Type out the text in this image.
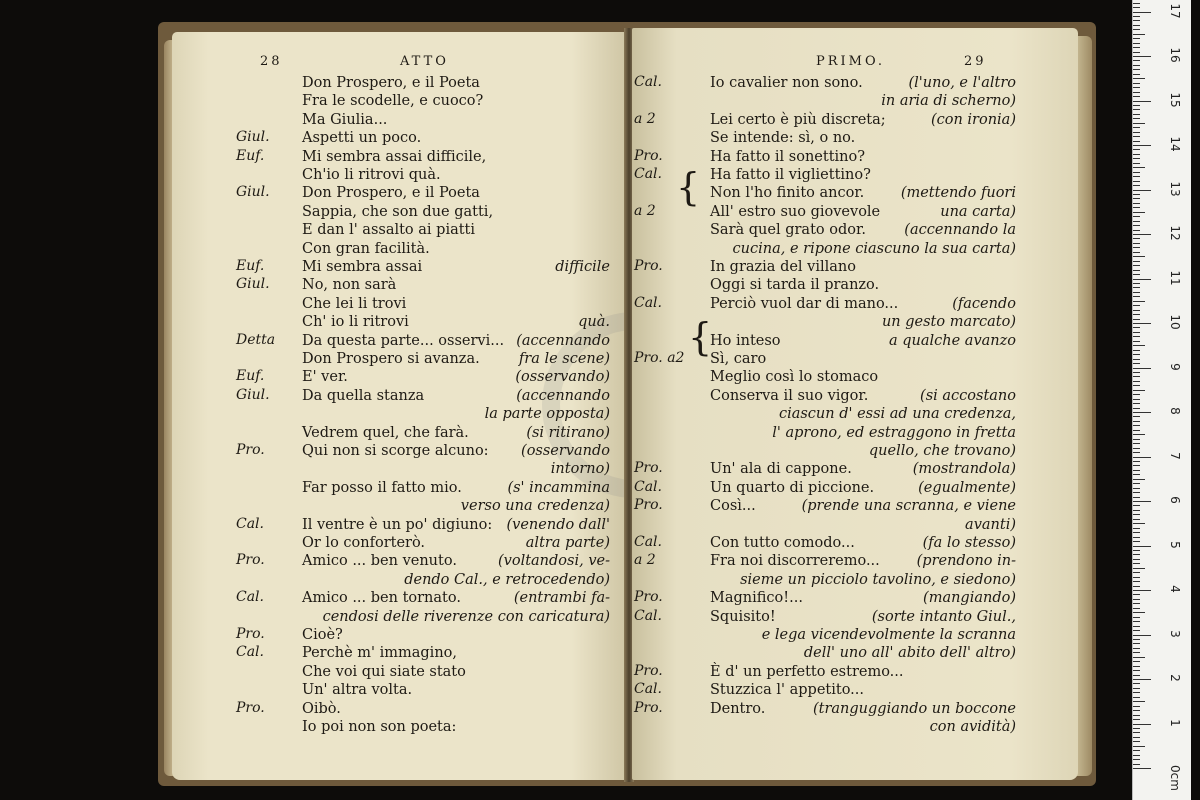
28	ATTO
Don Prospero, e il Poeta
Fra le scodelle, e cuoco?
Ma Giulia...
Giul. Aspetti un poco.
Euf.	Mi sembra assai difficile,
Ch'io li ritrovi quà.
Giul. Don Prospero, e il Poeta
Sappia, che son due gatti,
E dan l' assalto ai piatti
Con gran facilità.
Euf.	Mi sembra assai	difficile
Giul. No, non sarà
Che lei li trovi
Ch' io li ritrovi	quà.
Detta Da questa parte... osservi... (accennando
Don Prospero si avanza.	fra le scene)
Euf.	E' ver.	(osservando)
Giul. Da quella stanza	(accennando
la parte opposta)
Vedrem quel, che farà.	(si ritirano)
Pro.	Qui non si scorge alcuno: (osservando
intorno)
Far posso il fatto mio.	(s' incammina
verso una credenza)
Cal.	Il ventre è un po' digiuno: (venendo dall'
Or lo conforterò.	altra parte)
Pro.	Amico ... ben venuto.	(voltandosi, ve-
dendo Cal., e retrocedendo)
Cal.	Amico ... ben tornato.	(entrambi fa-
cendosi delle riverenze con caricatura)
Pro.	Cioè?
Cal.	Perchè m' immagino,
Che voi qui siate stato
Un' altra volta.
Pro.	Oibò.
Io poi non son poeta:
PRIMO.	29
{
{
Cal.	Io cavalier non sono.	(l'uno, e l'altro
in aria di scherno)
a 2	Lei certo è più discreta;	(con ironia)
Se intende: sì, o no.
Pro.	Ha fatto il sonettino?
Cal.	Ha fatto il vigliettino?
Non l'ho finito ancor.	(mettendo fuori
a 2	All' estro suo giovevole	una carta)
Sarà quel grato odor.	(accennando la
cucina, e ripone ciascuno la sua carta)
Pro.	In grazia del villano
Oggi si tarda il pranzo.
Cal.	Perciò vuol dar di mano...	(facendo
un gesto marcato)
Ho inteso	a qualche avanzo
Pro. a2 Sì, caro
Meglio così lo stomaco
Conserva il suo vigor.	(si accostano
ciascun d' essi ad una credenza,
l' aprono, ed estraggono in fretta
quello, che trovano)
Pro.	Un' ala di cappone.	(mostrandola)
Cal.	Un quarto di piccione.	(egualmente)
Pro.	Così...	(prende una scranna, e viene
avanti)
Cal.	Con tutto comodo...	(fa lo stesso)
a 2	Fra noi discorreremo...	(prendono in-
sieme un picciolo tavolino, e siedono)
Pro.	Magnifico!...	(mangiando)
Cal.	Squisito!	(sorte intanto Giul.,
e lega vicendevolmente la scranna
dell' uno all' abito dell' altro)
Pro.	È d' un perfetto estremo...
Cal.	Stuzzica l' appetito...
Pro.	Dentro.	(tranguggiando un boccone
con avidità)	1
2
3
4
5
6
7
8
9
10
11
12
13
14
15
16
17
0cm
